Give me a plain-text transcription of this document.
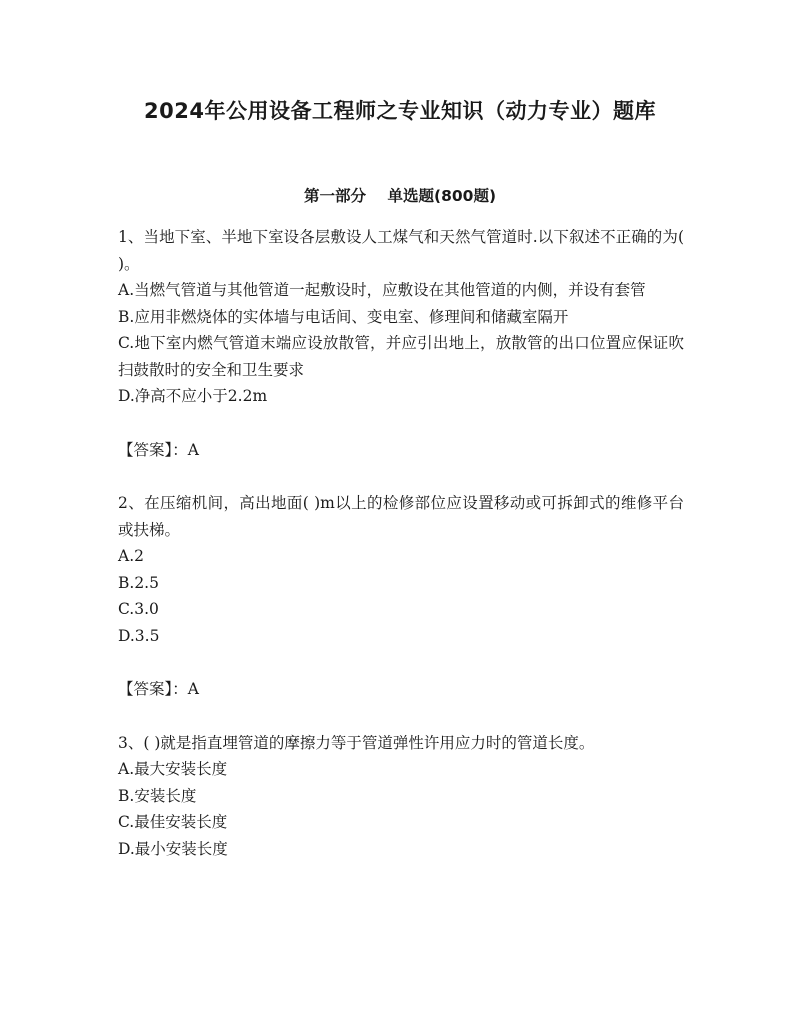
2024年公用设备工程师之专业知识（动力专业）题库
第一部分    单选题(800题)

1、当地下室、半地下室设各层敷设人工煤气和天然气管道时.以下叙述不正确的为( )。

A.当燃气管道与其他管道一起敷设时，应敷设在其他管道的内侧，并设有套管

B.应用非燃烧体的实体墙与电话间、变电室、修理间和储藏室隔开

C.地下室内燃气管道末端应设放散管，并应引出地上，放散管的出口位置应保证吹扫鼓散时的安全和卫生要求

D.净高不应小于2.2m

【答案】：A

2、在压缩机间，高出地面( )m以上的检修部位应设置移动或可拆卸式的维修平台或扶梯。

A.2

B.2.5

C.3.0

D.3.5

【答案】：A

3、( )就是指直埋管道的摩擦力等于管道弹性许用应力时的管道长度。

A.最大安装长度

B.安装长度

C.最佳安装长度

D.最小安装长度
